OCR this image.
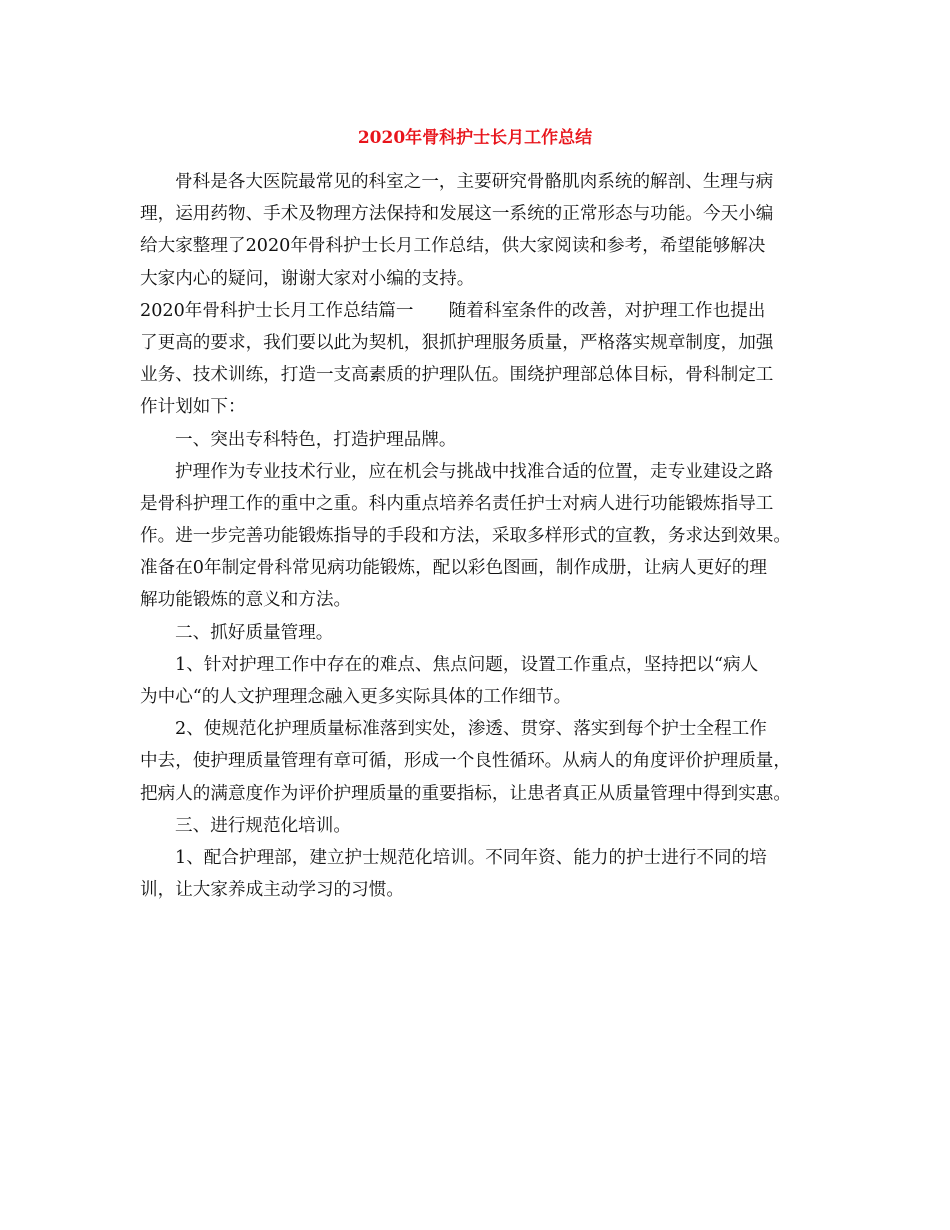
2020年骨科护士长月工作总结
骨科是各大医院最常见的科室之一，主要研究骨骼肌肉系统的解剖、生理与病
理，运用药物、手术及物理方法保持和发展这一系统的正常形态与功能。今天小编
给大家整理了2020年骨科护士长月工作总结，供大家阅读和参考，希望能够解决
大家内心的疑问，谢谢大家对小编的支持。
2020年骨科护士长月工作总结篇一　　随着科室条件的改善，对护理工作也提出
了更高的要求，我们要以此为契机，狠抓护理服务质量，严格落实规章制度，加强
业务、技术训练，打造一支高素质的护理队伍。围绕护理部总体目标，骨科制定工
作计划如下：
一、突出专科特色，打造护理品牌。
护理作为专业技术行业，应在机会与挑战中找准合适的位置，走专业建设之路
是骨科护理工作的重中之重。科内重点培养名责任护士对病人进行功能锻炼指导工
作。进一步完善功能锻炼指导的手段和方法，采取多样形式的宣教，务求达到效果。
准备在0年制定骨科常见病功能锻炼，配以彩色图画，制作成册，让病人更好的理
解功能锻炼的意义和方法。
二、抓好质量管理。
1、针对护理工作中存在的难点、焦点问题，设置工作重点，坚持把以“病人
为中心“的人文护理理念融入更多实际具体的工作细节。
2、使规范化护理质量标准落到实处，渗透、贯穿、落实到每个护士全程工作
中去，使护理质量管理有章可循，形成一个良性循环。从病人的角度评价护理质量，
把病人的满意度作为评价护理质量的重要指标，让患者真正从质量管理中得到实惠。
三、进行规范化培训。
1、配合护理部，建立护士规范化培训。不同年资、能力的护士进行不同的培
训，让大家养成主动学习的习惯。
